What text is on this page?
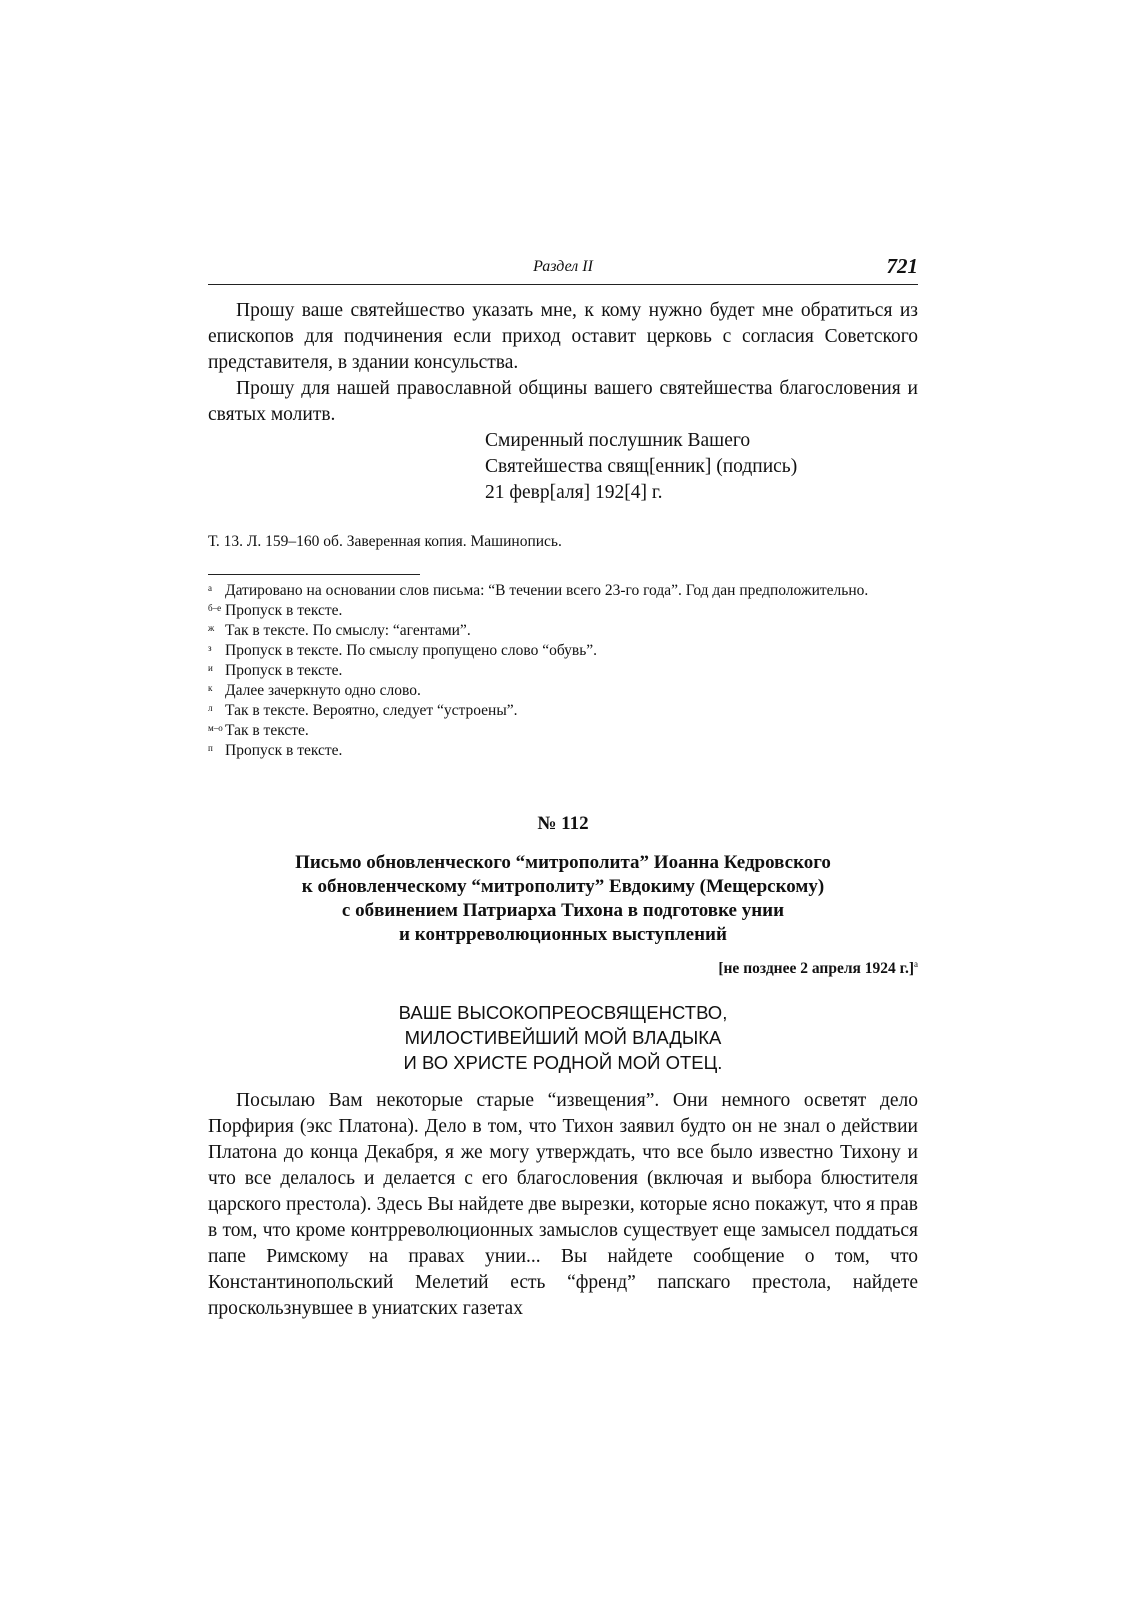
Раздел II	721

Прошу ваше святейшество указать мне, к кому нужно будет мне обратиться из епископов для подчинения если приход оставит церковь с согласия Советского представителя, в здании консульства.

Прошу для нашей православной общины вашего святейшества благословения и святых молитв.

Смиренный послушник Вашего
Святейшества свящ[енник] (подпись)
21 февр[аля] 192[4] г.
Т. 13. Л. 159–160 об. Заверенная копия. Машинопись.
а Датировано на основании слов письма: “В течении всего 23-го года”. Год дан предположительно.
б–е Пропуск в тексте.
ж Так в тексте. По смыслу: “агентами”.
з Пропуск в тексте. По смыслу пропущено слово “обувь”.
и Пропуск в тексте.
к Далее зачеркнуто одно слово.
л Так в тексте. Вероятно, следует “устроены”.
м–о Так в тексте.
п Пропуск в тексте.
№ 112
Письмо обновленческого “митрополита” Иоанна Кедровского
к обновленческому “митрополиту” Евдокиму (Мещерскому)
с обвинением Патриарха Тихона в подготовке унии
и контрреволюционных выступлений
[не позднее 2 апреля 1924 г.]$^а$
ВАШЕ ВЫСОКОПРЕОСВЯЩЕНСТВО,
МИЛОСТИВЕЙШИЙ МОЙ ВЛАДЫКА
И ВО ХРИСТЕ РОДНОЙ МОЙ ОТЕЦ.

Посылаю Вам некоторые старые “извещения”. Они немного осветят дело Порфирия (экс Платона). Дело в том, что Тихон заявил будто он не знал о действии Платона до конца Декабря, я же могу утверждать, что все было известно Тихону и что все делалось и делается с его благословения (включая и выбора блюстителя царского престола). Здесь Вы найдете две вырезки, которые ясно покажут, что я прав в том, что кроме контрреволюционных замыслов существует еще замысел поддаться папе Римскому на правах унии... Вы найдете сообщение о том, что Константинопольский Мелетий есть “френд” папскаго престола, найдете проскользнувшее в униатских газетах
